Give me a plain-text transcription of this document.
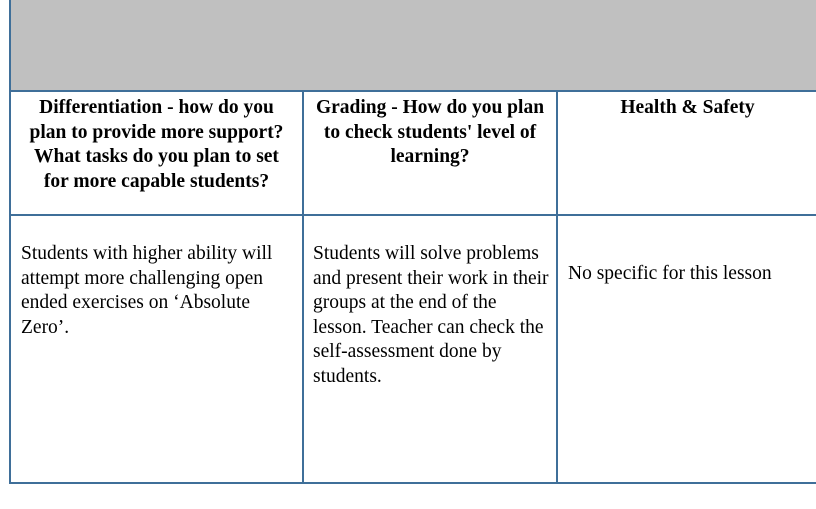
Differentiation - how do you plan to provide more support? What tasks do you plan to set for more capable students?	Grading - How do you plan to check students' level of learning?	Health & Safety
Students with higher ability will attempt more challenging open ended exercises on ‘Absolute Zero’.	Students will solve problems and present their work in their groups at the end of the lesson. Teacher can check the self-assessment done by students.	No specific for this lesson
